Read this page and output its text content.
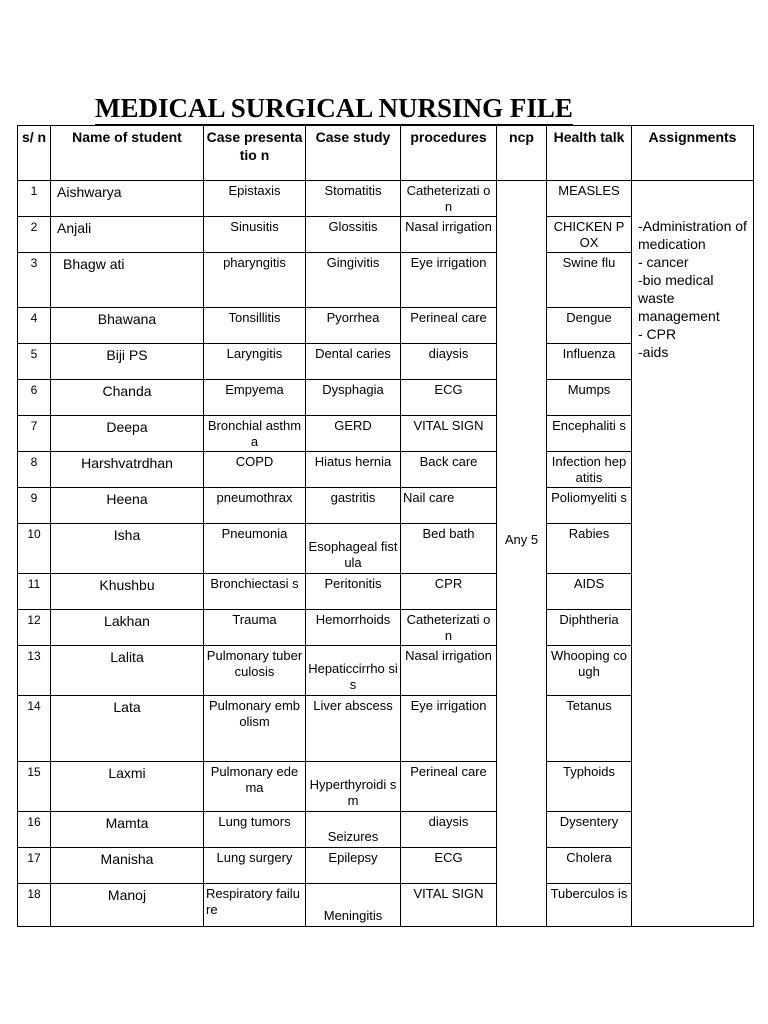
MEDICAL SURGICAL NURSING FILE
s/ n	Name of student	Case presentatio n	Case study	procedures	ncp	Health talk	Assignments
1	Aishwarya	Epistaxis	Stomatitis	Catheterizati on	Any 5	MEASLES	-Administration of medication
- cancer
-bio medical waste management
- CPR
-aids
2	Anjali	Sinusitis	Glossitis	Nasal irrigation		CHICKEN POX	
3	Bhagw ati	pharyngitis	Gingivitis	Eye irrigation		Swine flu	
4	Bhawana	Tonsillitis	Pyorrhea	Perineal care		Dengue	
5	Biji PS	Laryngitis	Dental caries	diaysis		Influenza	
6	Chanda	Empyema	Dysphagia	ECG		Mumps	
7	Deepa	Bronchial asthma	GERD	VITAL SIGN		Encephaliti s	
8	Harshvatrdhan	COPD	Hiatus hernia	Back care		Infection hepatitis	
9	Heena	pneumothrax	gastritis	Nail care		Poliomyeliti s	
10	Isha	Pneumonia	Esophageal fistula	Bed bath		Rabies	
11	Khushbu	Bronchiectasi s	Peritonitis	CPR		AIDS	
12	Lakhan	Trauma	Hemorrhoids	Catheterizati on		Diphtheria	
13	Lalita	Pulmonary tuberculosis	Hepaticcirrho sis	Nasal irrigation		Whooping cough	
14	Lata	Pulmonary embolism	Liver abscess	Eye irrigation		Tetanus	
15	Laxmi	Pulmonary edema	Hyperthyroidi sm	Perineal care		Typhoids	
16	Mamta	Lung tumors	Seizures	diaysis		Dysentery	
17	Manisha	Lung surgery	Epilepsy	ECG		Cholera	
18	Manoj	Respiratory failure	Meningitis	VITAL SIGN		Tuberculos is	
